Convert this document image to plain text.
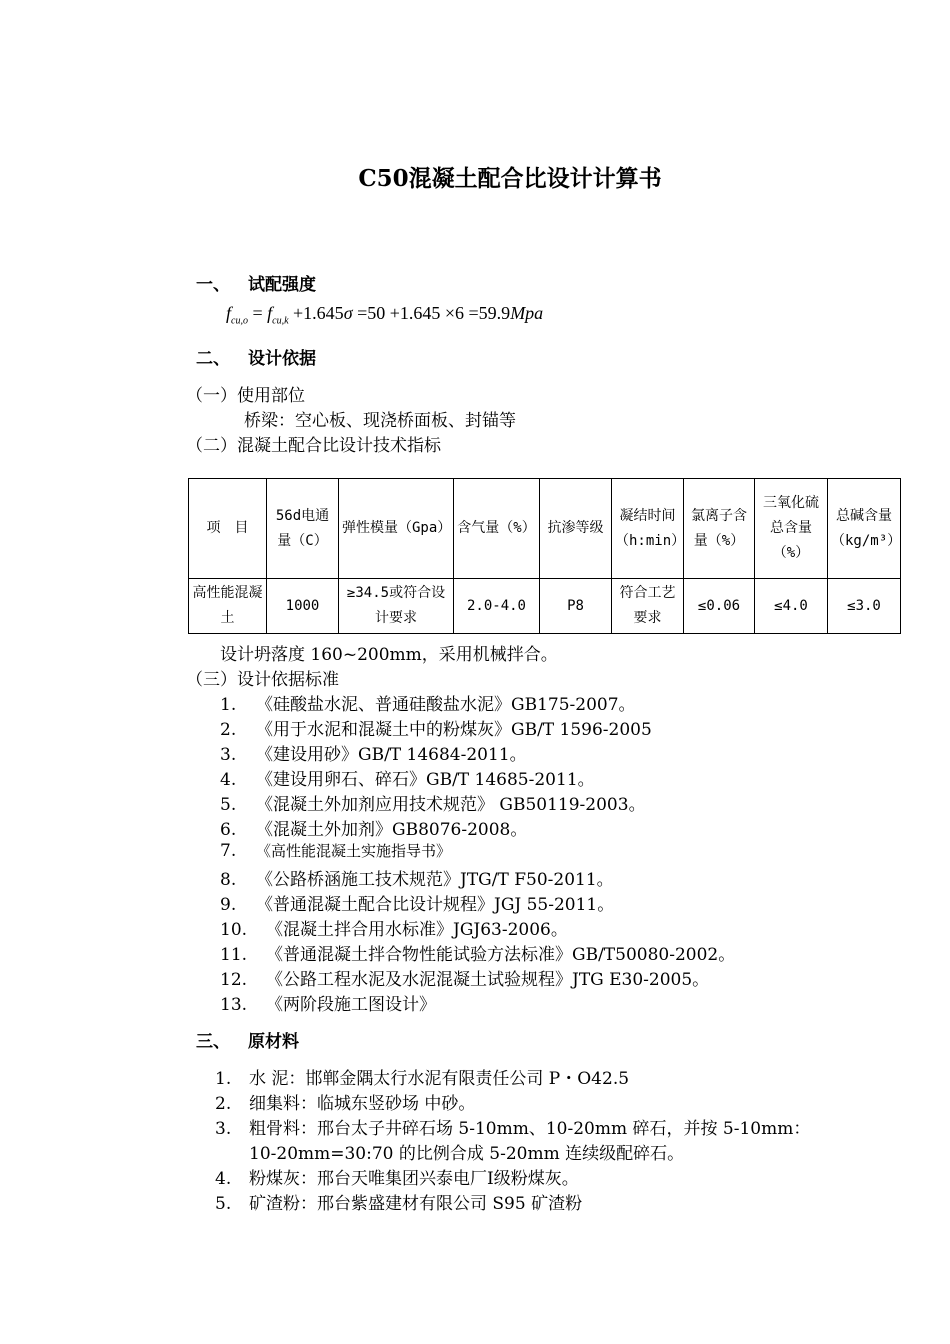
C50混凝土配合比设计计算书
一、 试配强度
$f_{cu,o} = f_{cu,k} +1.645\sigma =50 +1.645 \times 6 =59.9Mpa$
二、 设计依据
（一）使用部位
桥梁：空心板、现浇桥面板、封锚等
（二）混凝土配合比设计技术指标
项　目	56d电通量（C）	弹性模量（Gpa）	含气量（%）	抗渗等级	凝结时间（h:min）	氯离子含量（%）	三氧化硫总含量（%）	总碱含量（kg/m³）
高性能混凝土	1000	≥34.5或符合设计要求	2.0-4.0	P8	符合工艺要求	≤0.06	≤4.0	≤3.0
设计坍落度 160~200mm，采用机械拌合。
（三）设计依据标准
1. 《硅酸盐水泥、普通硅酸盐水泥》GB175-2007。
2. 《用于水泥和混凝土中的粉煤灰》GB/T 1596-2005
3. 《建设用砂》GB/T 14684-2011。
4. 《建设用卵石、碎石》GB/T 14685-2011。
5. 《混凝土外加剂应用技术规范》 GB50119-2003。
6. 《混凝土外加剂》GB8076-2008。
7. 《高性能混凝土实施指导书》
8. 《公路桥涵施工技术规范》JTG/T F50-2011。
9. 《普通混凝土配合比设计规程》JGJ 55-2011。
10. 《混凝土拌合用水标准》JGJ63-2006。
11. 《普通混凝土拌合物性能试验方法标准》GB/T50080-2002。
12. 《公路工程水泥及水泥混凝土试验规程》JTG E30-2005。
13. 《两阶段施工图设计》
三、 原材料
1. 水 泥：邯郸金隅太行水泥有限责任公司 P・O42.5
2. 细集料：临城东竖砂场 中砂。
3. 粗骨料：邢台太子井碎石场 5-10mm、10-20mm 碎石，并按 5-10mm：
10-20mm=30:70 的比例合成 5-20mm 连续级配碎石。
4. 粉煤灰：邢台天唯集团兴泰电厂Ⅰ级粉煤灰。
5. 矿渣粉：邢台紫盛建材有限公司 S95 矿渣粉
